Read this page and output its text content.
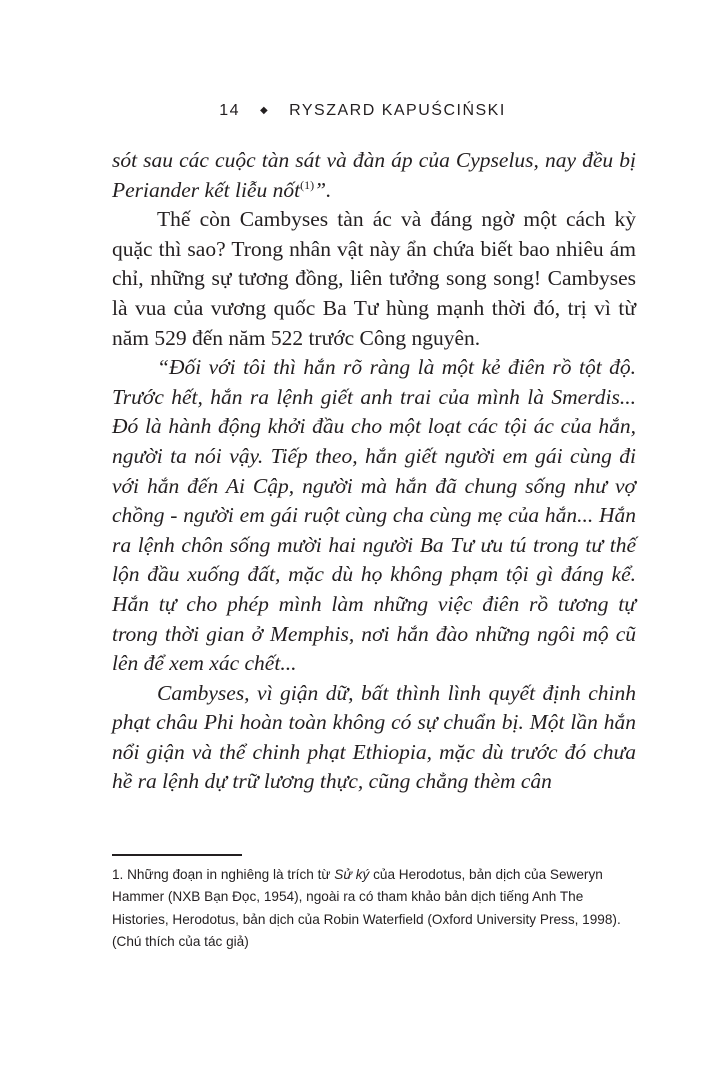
14 ◆ RYSZARD KAPUŚCIŃSKI

sót sau các cuộc tàn sát và đàn áp của Cypselus, nay đều bị Periander kết liễu nốt$^{(1)}$”.

Thế còn Cambyses tàn ác và đáng ngờ một cách kỳ quặc thì sao? Trong nhân vật này ẩn chứa biết bao nhiêu ám chỉ, những sự tương đồng, liên tưởng song song! Cambyses là vua của vương quốc Ba Tư hùng mạnh thời đó, trị vì từ năm 529 đến năm 522 trước Công nguyên.

“Đối với tôi thì hắn rõ ràng là một kẻ điên rồ tột độ. Trước hết, hắn ra lệnh giết anh trai của mình là Smerdis... Đó là hành động khởi đầu cho một loạt các tội ác của hắn, người ta nói vậy. Tiếp theo, hắn giết người em gái cùng đi với hắn đến Ai Cập, người mà hắn đã chung sống như vợ chồng - người em gái ruột cùng cha cùng mẹ của hắn... Hắn ra lệnh chôn sống mười hai người Ba Tư ưu tú trong tư thế lộn đầu xuống đất, mặc dù họ không phạm tội gì đáng kể. Hắn tự cho phép mình làm những việc điên rồ tương tự trong thời gian ở Memphis, nơi hắn đào những ngôi mộ cũ lên để xem xác chết...

Cambyses, vì giận dữ, bất thình lình quyết định chinh phạt châu Phi hoàn toàn không có sự chuẩn bị. Một lần hắn nổi giận và thể chinh phạt Ethiopia, mặc dù trước đó chưa hề ra lệnh dự trữ lương thực, cũng chẳng thèm cân

1. Những đoạn in nghiêng là trích từ Sử ký của Herodotus, bản dịch của Seweryn Hammer (NXB Bạn Đọc, 1954), ngoài ra có tham khảo bản dịch tiếng Anh The Histories, Herodotus, bản dịch của Robin Waterfield (Oxford University Press, 1998). (Chú thích của tác giả)
